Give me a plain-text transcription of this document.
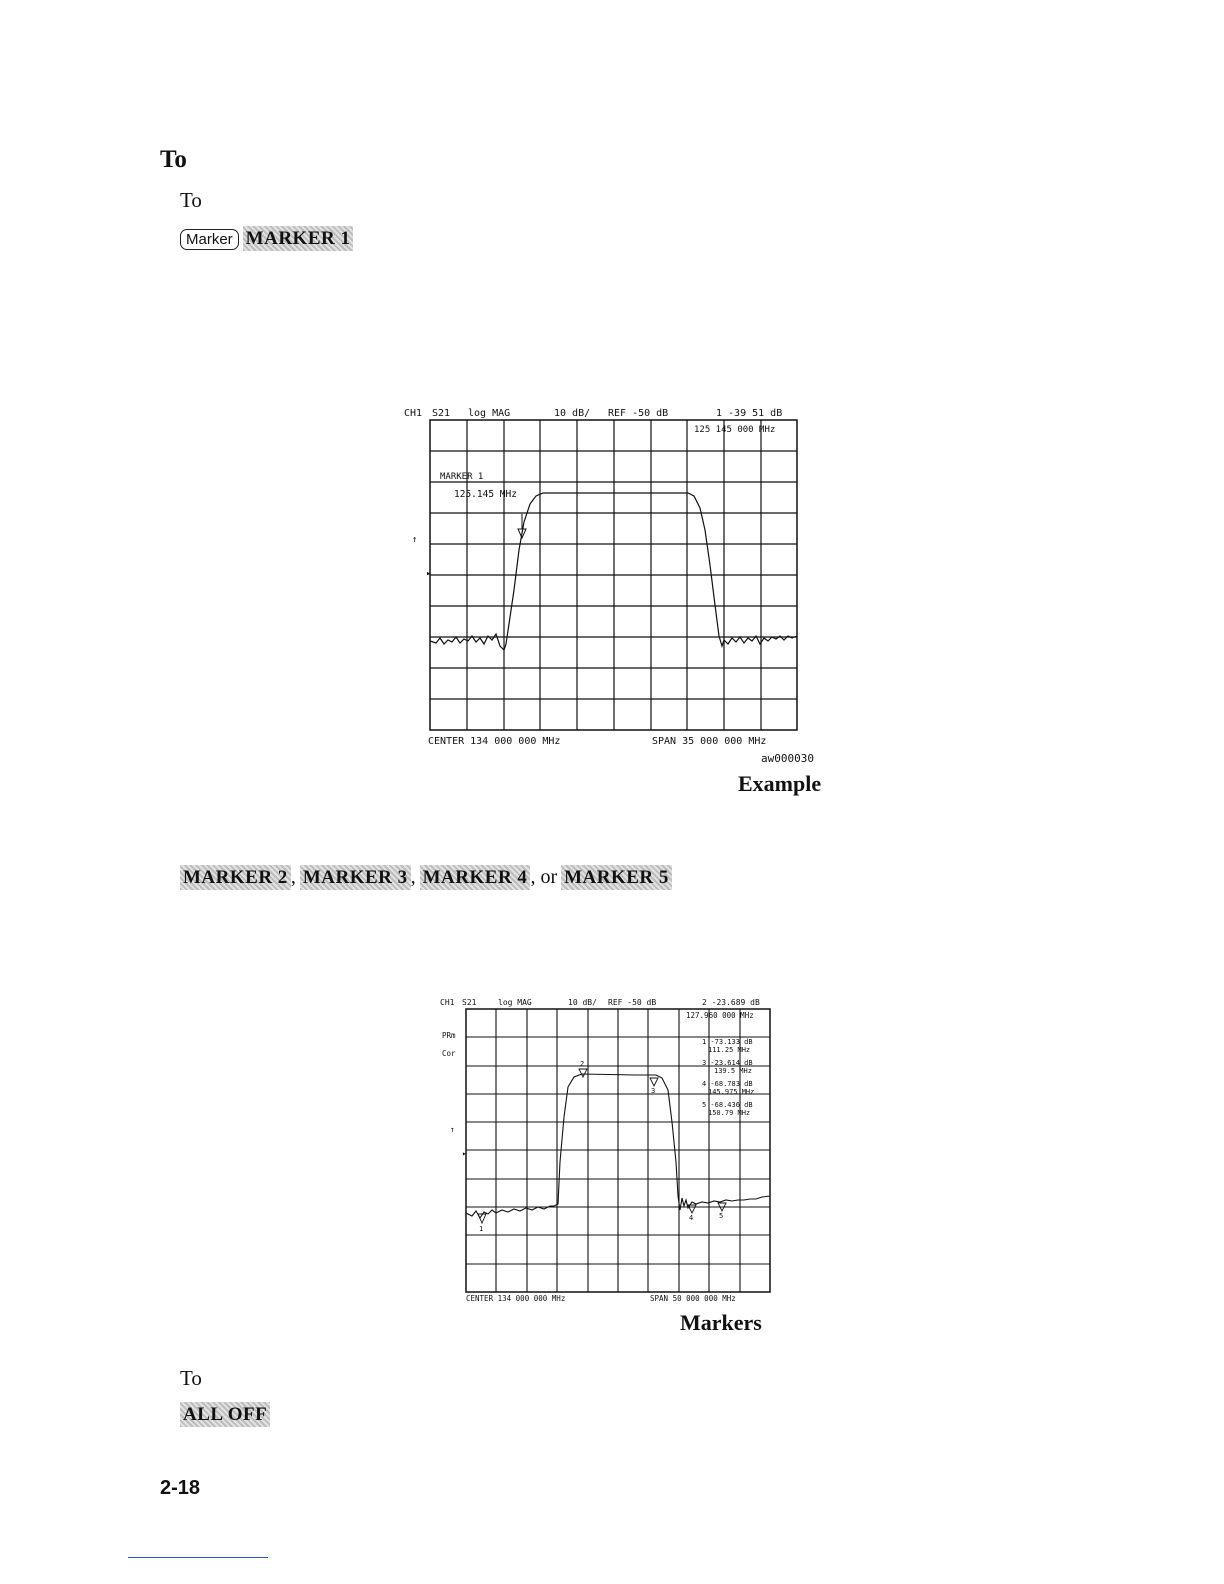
To
To
Marker MARKER 1
CH1 S21 log MAG	10 dB/ REF -50 dB	1 -39 51 dB
125 145 000 MHz
↑
▸
MARKER 1
125.145 MHz
CENTER 134 000 000 MHz	SPAN 35 000 000 MHz
aw000030
Example
MARKER 2 , MARKER 3 , MARKER 4 , or MARKER 5
CH1 S21	log MAG	10 dB/ REF -50 dB	2 -23.689 dB
127.960 000 MHz
PRm
Cor
↑
▸
1 -73.133 dB
111.25 MHz
3 -23.614 dB
139.5 MHz
4 -68.783 dB
145.975 MHz
5 -68.436 dB
150.79 MHz
1
2
3
4	5
CENTER 134 000 000 MHz	SPAN 50 000 000 MHz
Markers
To
ALL OFF
2-18
